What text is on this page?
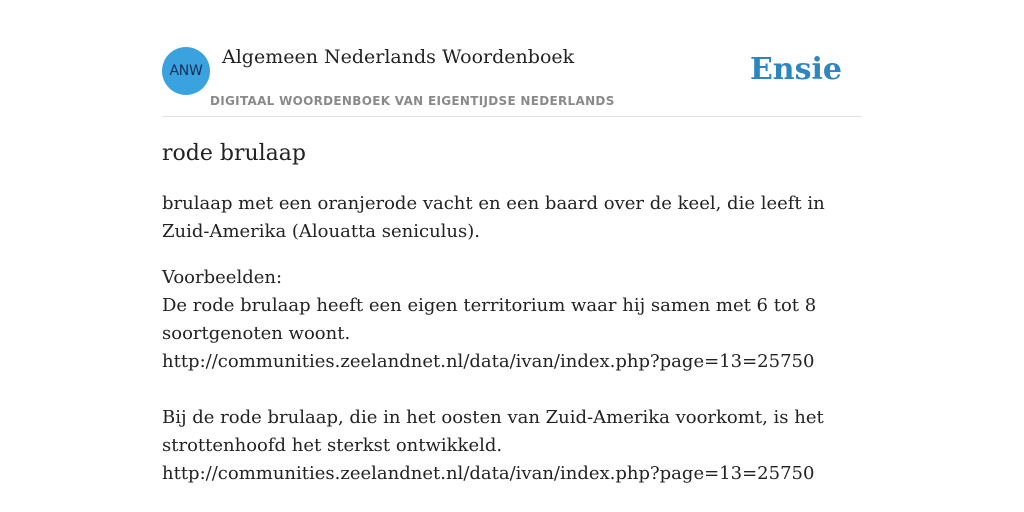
ANW
Algemeen Nederlands Woordenboek
DIGITAAL WOORDENBOEK VAN EIGENTIJDSE NEDERLANDS
Ensie
rode brulaap

brulaap met een oranjerode vacht en een baard over de keel, die leeft in Zuid-Amerika (Alouatta seniculus).

Voorbeelden:

De rode brulaap heeft een eigen territorium waar hij samen met 6 tot 8 soortgenoten woont.

http://communities.zeelandnet.nl/data/ivan/index.php?page=13=25750

Bij de rode brulaap, die in het oosten van Zuid-Amerika voorkomt, is het strottenhoofd het sterkst ontwikkeld.

http://communities.zeelandnet.nl/data/ivan/index.php?page=13=25750
